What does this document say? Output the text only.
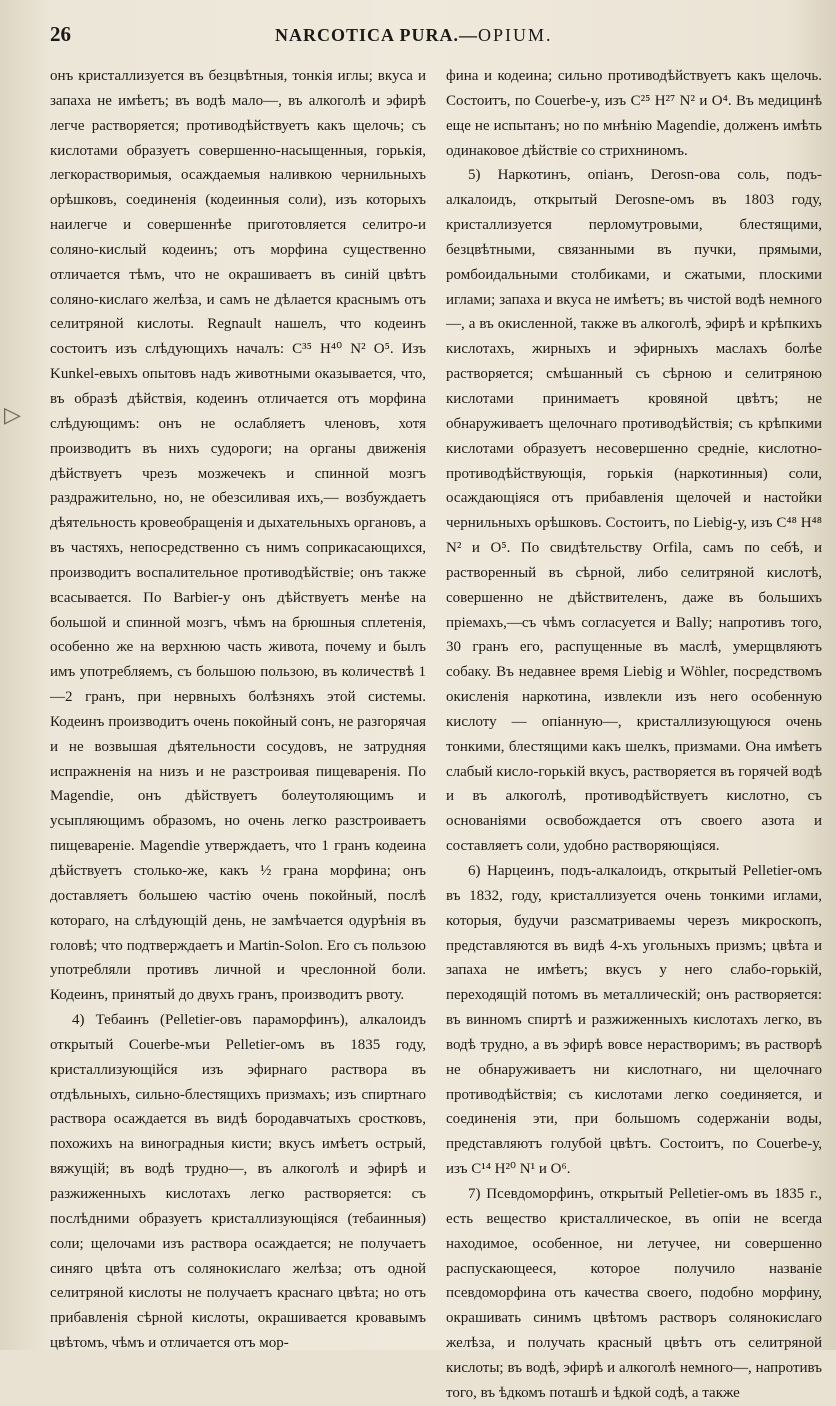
26	NARCOTICA PURA.—OPIUM.
▷

онъ кристаллизуется въ безцвѣтныя, тонкія иглы; вкуса и запаха не имѣетъ; въ водѣ мало—, въ алкоголѣ и эфирѣ легче растворяется; противодѣйствуетъ какъ щелочь; съ кислотами образуетъ совершенно-насыщенныя, горькія, легкорастворимыя, осаждаемыя наливкою чернильныхъ орѣшковъ, соединенія (кодеинныя соли), изъ которыхъ наилегче и совершеннѣе приготовляется селитро-и соляно-кислый кодеинъ; отъ морфина существенно отличается тѣмъ, что не окрашиваетъ въ синій цвѣтъ соляно-кислаго желѣза, и самъ не дѣлается краснымъ отъ селитряной кислоты. Regnault нашелъ, что кодеинъ состоитъ изъ слѣдующихъ началъ: C³⁵ H⁴⁰ N² O⁵. Изъ Kunkel-евыхъ опытовъ надъ животными оказывается, что, въ образѣ дѣйствія, кодеинъ отличается отъ морфина слѣдующимъ: онъ не ослабляетъ членовъ, хотя производитъ въ нихъ судороги; на органы движенія дѣйствуетъ чрезъ мозжечекъ и спинной мозгъ раздражительно, но, не обезсиливая ихъ,— возбуждаетъ дѣятельность кровеобращенія и дыхательныхъ органовъ, а въ частяхъ, непосредственно съ нимъ соприкасающихся, производитъ воспалительное противодѣйствіе; онъ также всасывается. По Barbier-у онъ дѣйствуетъ менѣе на большой и спинной мозгъ, чѣмъ на брюшныя сплетенія, особенно же на верхнюю часть живота, почему и былъ имъ употребляемъ, съ большою пользою, въ количествѣ 1—2 гранъ, при нервныхъ болѣзняхъ этой системы. Кодеинъ производитъ очень покойный сонъ, не разгорячая и не возвышая дѣятельности сосудовъ, не затрудняя испражненія на низъ и не разстроивая пищеваренія. По Magendie, онъ дѣйствуетъ болеутоляющимъ и усыпляющимъ образомъ, но очень легко разстроиваетъ пищевареніе. Magendie утверждаетъ, что 1 гранъ кодеина дѣйствуетъ столько-же, какъ ½ грана морфина; онъ доставляетъ большею частію очень покойный, послѣ котораго, на слѣдующій день, не замѣчается одурѣнія въ головѣ; что подтверждаетъ и Martin-Solon. Его съ пользою употребляли противъ личной и чреслонной боли. Кодеинъ, принятый до двухъ гранъ, производитъ рвоту.

4) Тебаинъ (Pelletier-овъ параморфинъ), алкалоидъ открытый Couerbe-мъи Pelletier-омъ въ 1835 году, кристаллизующійся изъ эфирнаго раствора въ отдѣльныхъ, сильно-блестящихъ призмахъ; изъ спиртнаго раствора осаждается въ видѣ бородавчатыхъ сростковъ, похожихъ на виноградныя кисти; вкусъ имѣетъ острый, вяжущій; въ водѣ трудно—, въ алкоголѣ и эфирѣ и разжиженныхъ кислотахъ легко растворяется: съ послѣдними образуетъ кристаллизующіяся (тебаинныя) соли; щелочами изъ раствора осаждается; не получаетъ синяго цвѣта отъ солянокислаго желѣза; отъ одной селитряной кислоты не получаетъ краснаго цвѣта; но отъ прибавленія сѣрной кислоты, окрашивается кровавымъ цвѣтомъ, чѣмъ и отличается отъ мор-

фина и кодеина; сильно противодѣйствуетъ какъ щелочь. Состоитъ, по Couerbe-у, изъ C²⁵ H²⁷ N² и O⁴. Въ медицинѣ еще не испытанъ; но по мнѣнію Magendie, долженъ имѣть одинаковое дѣйствіе со стрихниномъ.

5) Наркотинъ, опіанъ, Derosn-ова соль, подъ-алкалоидъ, открытый Derosne-омъ въ 1803 году, кристаллизуется перломутровыми, блестящими, безцвѣтными, связанными въ пучки, прямыми, ромбоидальными столбиками, и сжатыми, плоскими иглами; запаха и вкуса не имѣетъ; въ чистой водѣ немного—, а въ окисленной, также въ алкоголѣ, эфирѣ и крѣпкихъ кислотахъ, жирныхъ и эфирныхъ маслахъ болѣе растворяется; смѣшанный съ сѣрною и селитряною кислотами принимаетъ кровяной цвѣтъ; не обнаруживаетъ щелочнаго противодѣйствія; съ крѣпкими кислотами образуетъ несовершенно средніе, кислотно-противодѣйствующія, горькія (наркотинныя) соли, осаждающіяся отъ прибавленія щелочей и настойки чернильныхъ орѣшковъ. Состоитъ, по Liebig-у, изъ C⁴⁸ H⁴⁸ N² и O⁵. По свидѣтельству Orfila, самъ по себѣ, и растворенный въ сѣрной, либо селитряной кислотѣ, совершенно не дѣйствителенъ, даже въ большихъ пріемахъ,—съ чѣмъ согласуется и Bally; напротивъ того, 30 гранъ его, распущенные въ маслѣ, умерщвляютъ собаку. Въ недавнее время Liebig и Wöhler, посредствомъ окисленія наркотина, извлекли изъ него особенную кислоту — опіанную—, кристаллизующуюся очень тонкими, блестящими какъ шелкъ, призмами. Она имѣетъ слабый кисло-горькій вкусъ, растворяется въ горячей водѣ и въ алкоголѣ, противодѣйствуетъ кислотно, съ основаніями освобождается отъ своего азота и составляетъ соли, удобно растворяющіяся.

6) Нарцеинъ, подъ-алкалоидъ, открытый Pelletier-омъ въ 1832, году, кристаллизуется очень тонкими иглами, которыя, будучи разсматриваемы черезъ микроскопъ, представляются въ видѣ 4-хъ угольныхъ призмъ; цвѣта и запаха не имѣетъ; вкусъ у него слабо-горькій, переходящій потомъ въ металлическій; онъ растворяется: въ винномъ спиртѣ и разжиженныхъ кислотахъ легко, въ водѣ трудно, а въ эфирѣ вовсе нерастворимъ; въ растворѣ не обнаруживаетъ ни кислотнаго, ни щелочнаго противодѣйствія; съ кислотами легко соединяется, и соединенія эти, при большомъ содержаніи воды, представляютъ голубой цвѣтъ. Состоитъ, по Couerbe-у, изъ C¹⁴ H²⁰ N¹ и O⁶.

7) Псевдоморфинъ, открытый Pelletier-омъ въ 1835 г., есть вещество кристаллическое, въ опіи не всегда находимое, особенное, ни летучее, ни совершенно распускающееся, которое получило названіе псевдоморфина отъ качества своего, подобно морфину, окрашивать синимъ цвѣтомъ растворъ солянокислаго желѣза, и получать красный цвѣтъ отъ селитряной кислоты; въ водѣ, эфирѣ и алкоголѣ немного—, напротивъ того, въ ѣдкомъ поташѣ и ѣдкой содѣ, а также
